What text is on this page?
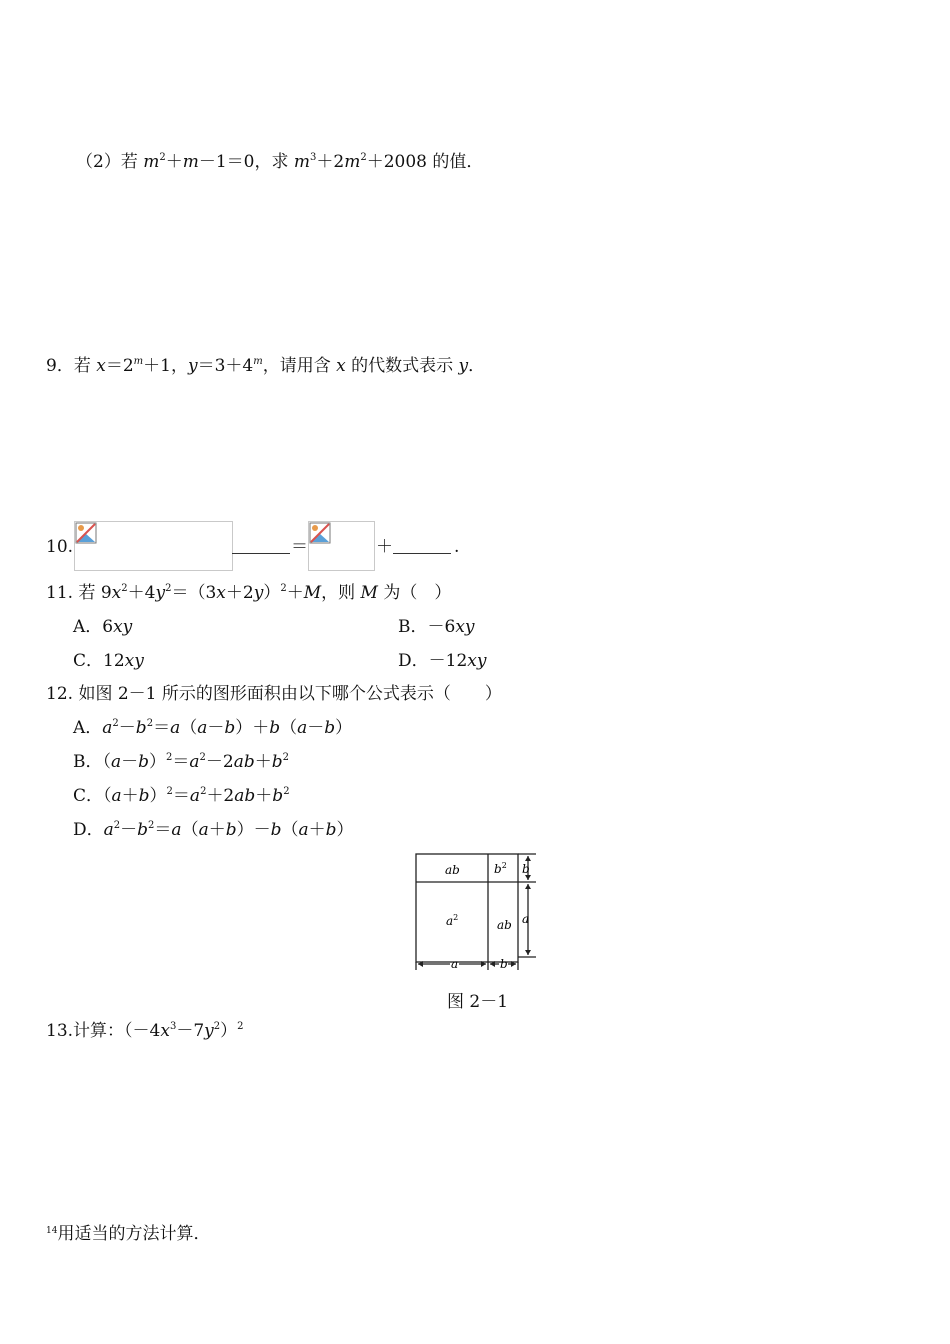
（2）若 $m^2+m-1=0$，求 $m^3+2m^2+2008$ 的值．
9．若 $x=2^m+1$，$y=3+4^m$，请用含 x 的代数式表示 y．
10.	＝	＋	.
11. 若 $9x^2+4y^2=(3x+2y)^2+M$，则 M 为（　）
A．6xy	B．－6xy
C．12xy	D．－12xy
12. 如图 2－1 所示的图形面积由以下哪个公式表示（　　）
A．$a^2-b^2=a(a-b)+b(a-b)$
B．$(a-b)^2=a^2-2ab+b^2$
C．$(a+b)^2=a^2+2ab+b^2$
D．$a^2-b^2=a(a+b)-b(a+b)$
ab	$b^2$
$a^2$
ab
b
a
a	b
图 2－1
13.计算：$(-4x^3-7y^2)^2$
$^{14}$用适当的方法计算．
